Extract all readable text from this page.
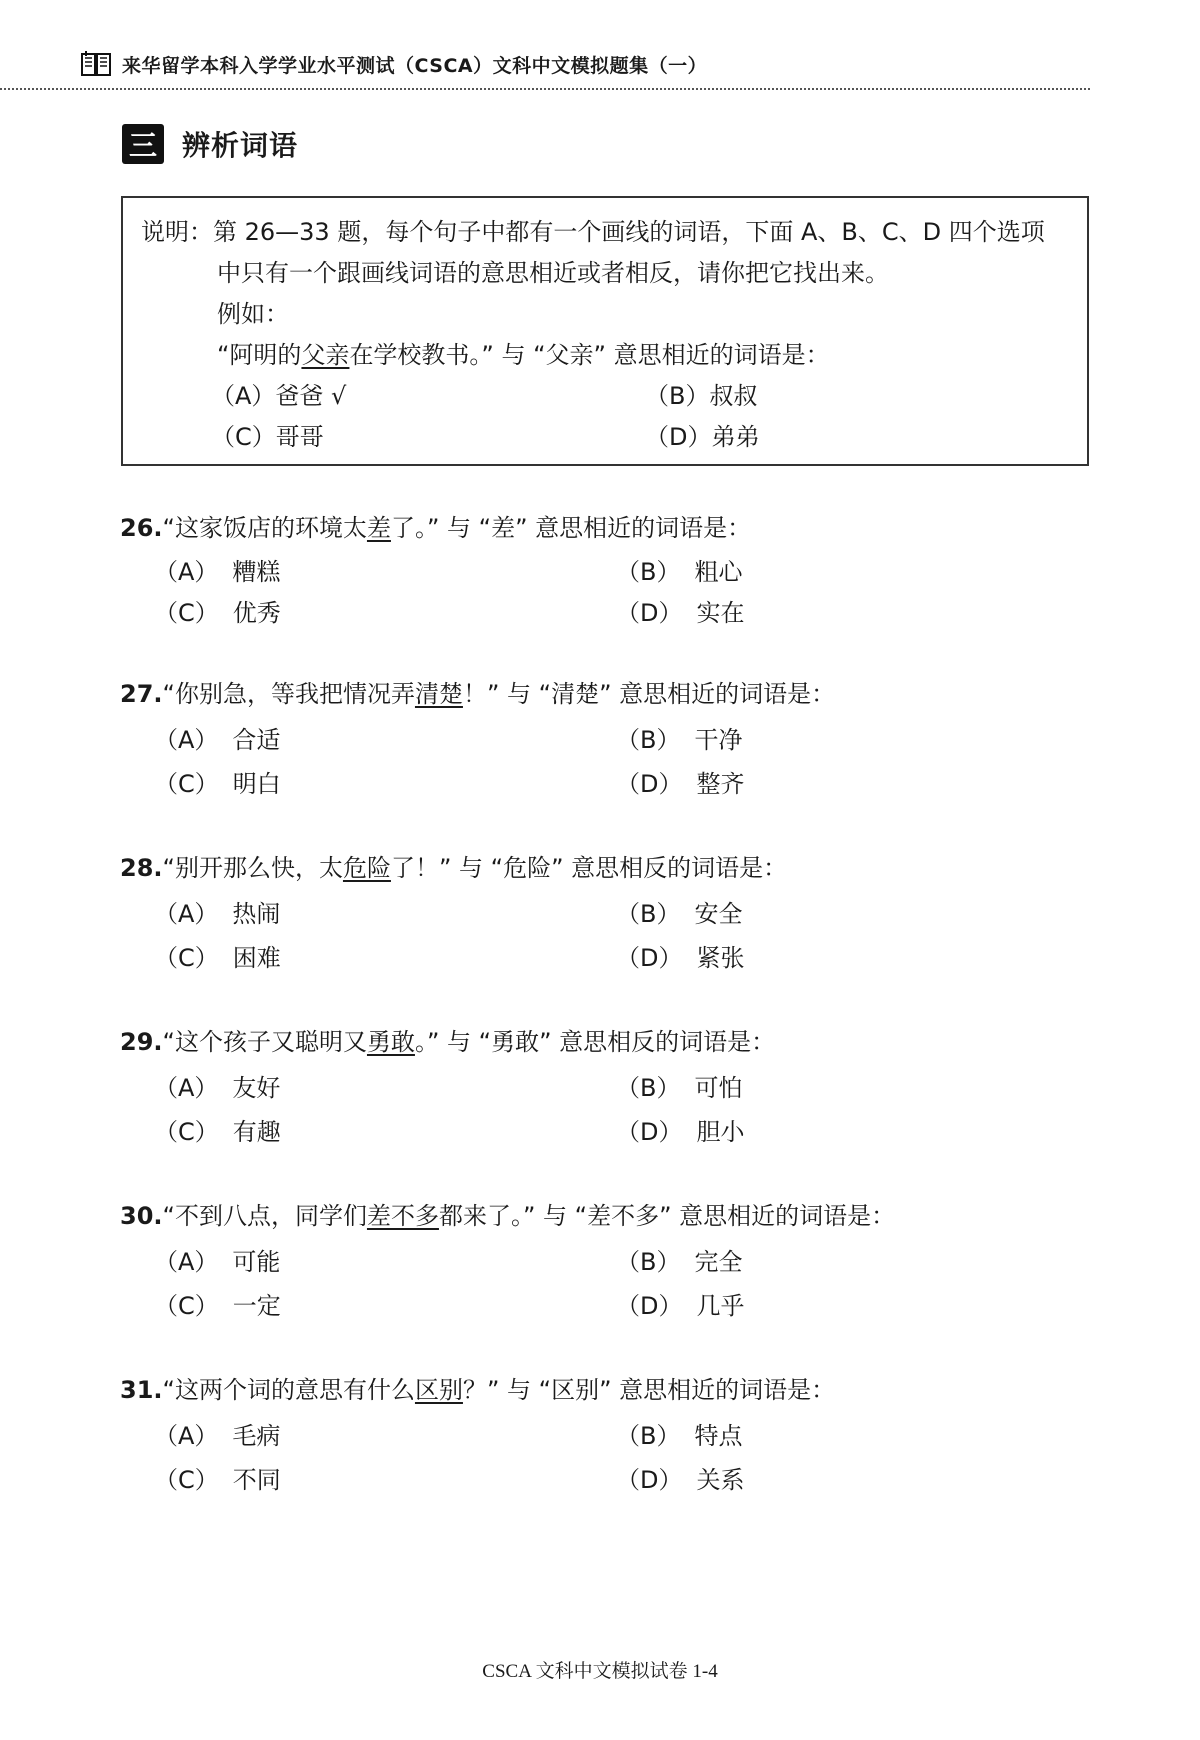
来华留学本科入学学业水平测试（CSCA）文科中文模拟题集（一）
三 辨析词语
说明：第 26—33 题，每个句子中都有一个画线的词语，下面 A、B、C、D 四个选项
中只有一个跟画线词语的意思相近或者相反，请你把它找出来。
例如：
“阿明的父亲在学校教书。” 与 “父亲” 意思相近的词语是：
（A）爸爸 √	（B）叔叔
（C）哥哥	（D）弟弟
26.“这家饭店的环境太差了。” 与 “差” 意思相近的词语是：
（A） 糟糕	（B） 粗心
（C） 优秀	（D） 实在
27.“你别急，等我把情况弄清楚！” 与 “清楚” 意思相近的词语是：
（A） 合适	（B） 干净
（C） 明白	（D） 整齐
28.“别开那么快，太危险了！” 与 “危险” 意思相反的词语是：
（A） 热闹	（B） 安全
（C） 困难	（D） 紧张
29.“这个孩子又聪明又勇敢。” 与 “勇敢” 意思相反的词语是：
（A） 友好	（B） 可怕
（C） 有趣	（D） 胆小
30.“不到八点，同学们差不多都来了。” 与 “差不多” 意思相近的词语是：
（A） 可能	（B） 完全
（C） 一定	（D） 几乎
31.“这两个词的意思有什么区别？” 与 “区别” 意思相近的词语是：
（A） 毛病	（B） 特点
（C） 不同	（D） 关系
CSCA 文科中文模拟试卷 1-4
